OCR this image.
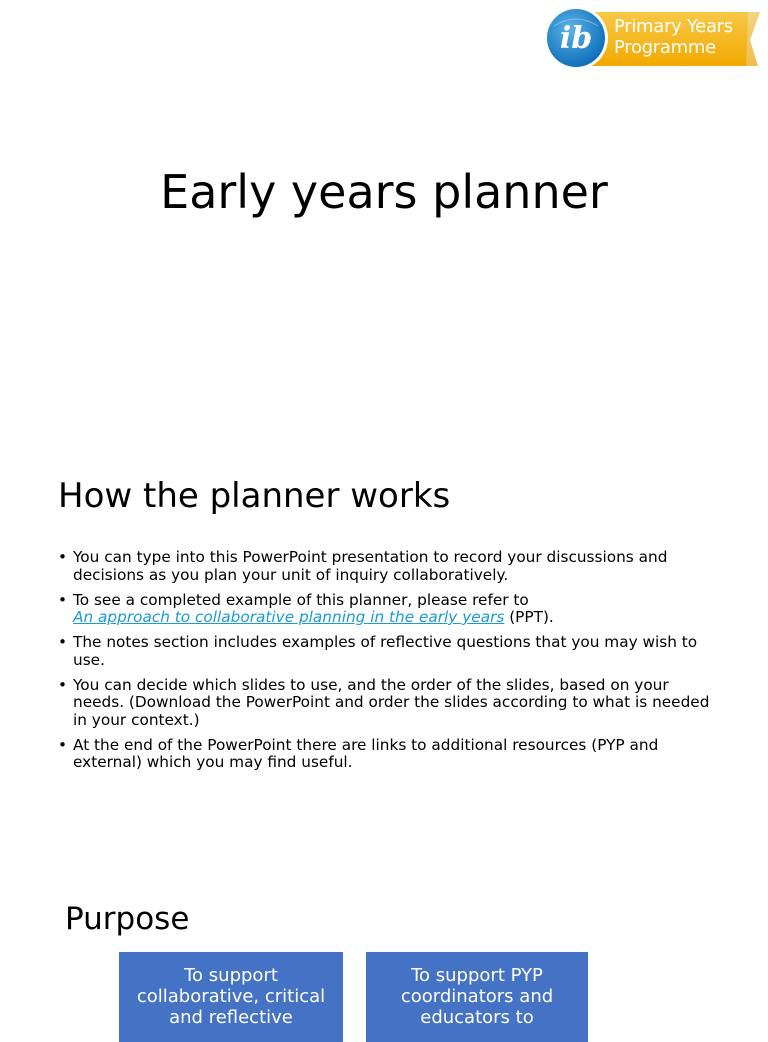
ib Primary Years
Programme
Early years planner
How the planner works
• You can type into this PowerPoint presentation to record your discussions and decisions as you plan your unit of inquiry collaboratively.
• To see a completed example of this planner, please refer to
An approach to collaborative planning in the early years (PPT).
• The notes section includes examples of reflective questions that you may wish to use.
• You can decide which slides to use, and the order of the slides, based on your needs. (Download the PowerPoint and order the slides according to what is needed in your context.)
• At the end of the PowerPoint there are links to additional resources (PYP and external) which you may find useful.
Purpose
To support
collaborative, critical
and reflective
To support PYP
coordinators and
educators to
